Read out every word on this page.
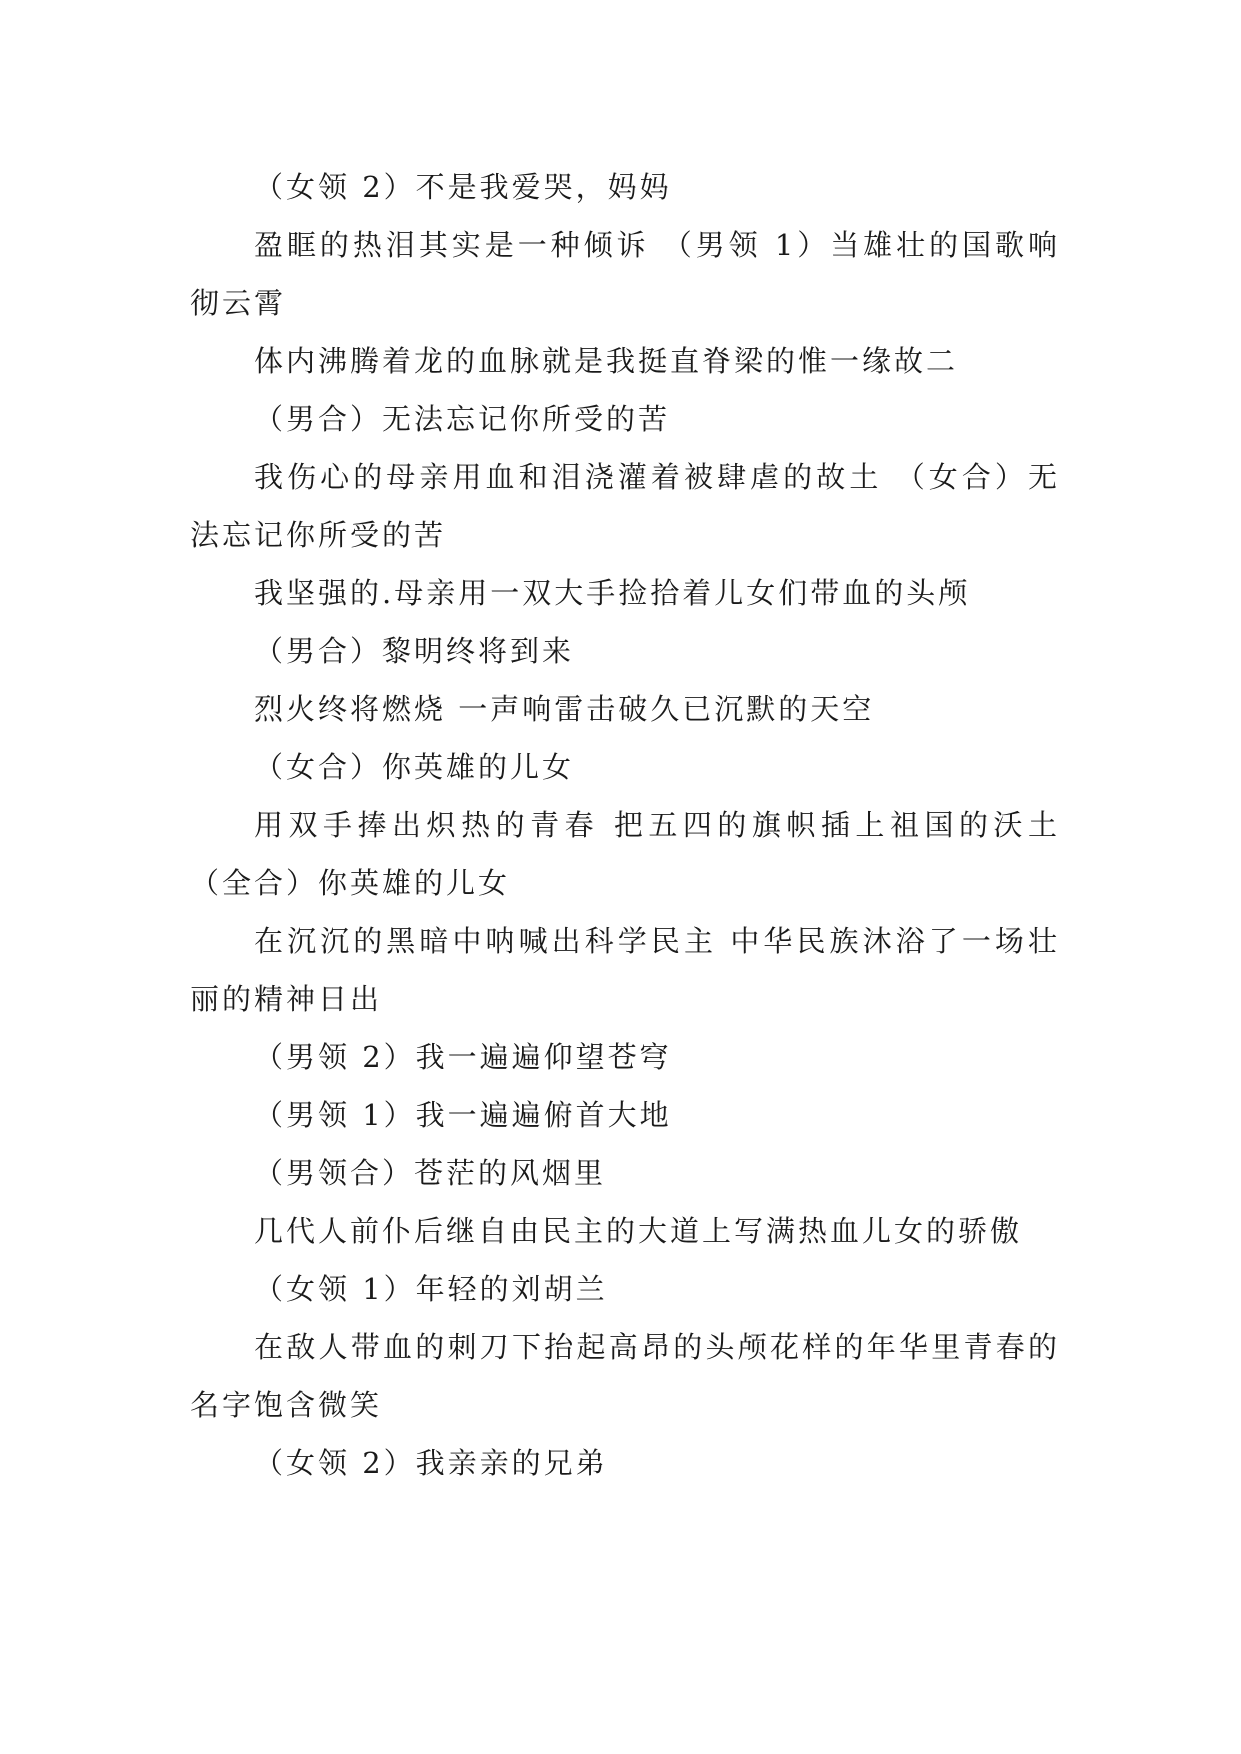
（女领 2）不是我爱哭，妈妈

盈眶的热泪其实是一种倾诉 （男领 1）当雄壮的国歌响彻云霄

体内沸腾着龙的血脉就是我挺直脊梁的惟一缘故二

（男合）无法忘记你所受的苦

我伤心的母亲用血和泪浇灌着被肆虐的故土 （女合）无法忘记你所受的苦

我坚强的.母亲用一双大手捡拾着儿女们带血的头颅

（男合）黎明终将到来

烈火终将燃烧 一声响雷击破久已沉默的天空

（女合）你英雄的儿女

用双手捧出炽热的青春 把五四的旗帜插上祖国的沃土 （全合）你英雄的儿女

在沉沉的黑暗中呐喊出科学民主 中华民族沐浴了一场壮丽的精神日出

（男领 2）我一遍遍仰望苍穹

（男领 1）我一遍遍俯首大地

（男领合）苍茫的风烟里

几代人前仆后继自由民主的大道上写满热血儿女的骄傲

（女领 1）年轻的刘胡兰

在敌人带血的刺刀下抬起高昂的头颅花样的年华里青春的名字饱含微笑

（女领 2）我亲亲的兄弟
